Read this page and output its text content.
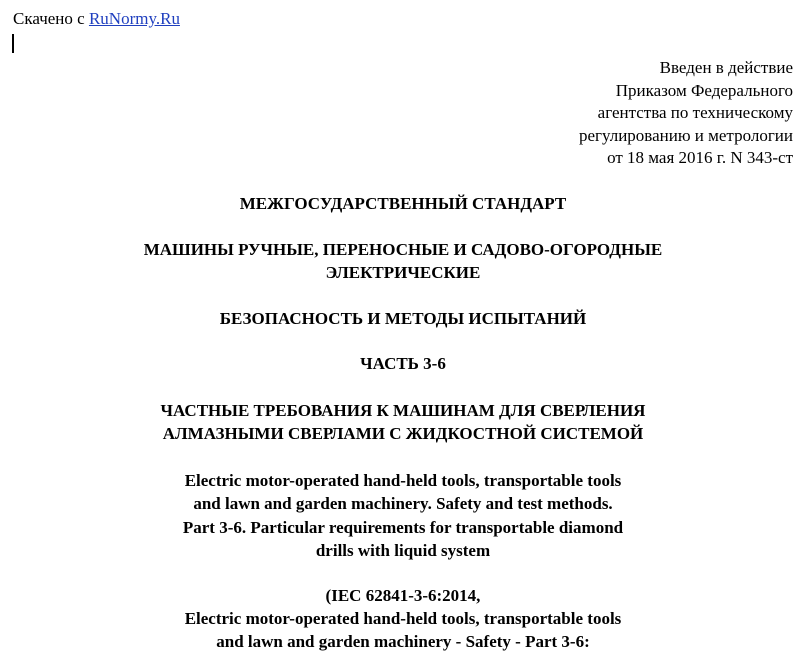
Скачено с RuNormy.Ru
Введен в действие
Приказом Федерального
агентства по техническому
регулированию и метрологии
от 18 мая 2016 г. N 343-ст
МЕЖГОСУДАРСТВЕННЫЙ СТАНДАРТ
МАШИНЫ РУЧНЫЕ, ПЕРЕНОСНЫЕ И САДОВО-ОГОРОДНЫЕ
ЭЛЕКТРИЧЕСКИЕ
БЕЗОПАСНОСТЬ И МЕТОДЫ ИСПЫТАНИЙ
ЧАСТЬ 3-6
ЧАСТНЫЕ ТРЕБОВАНИЯ К МАШИНАМ ДЛЯ СВЕРЛЕНИЯ
АЛМАЗНЫМИ СВЕРЛАМИ С ЖИДКОСТНОЙ СИСТЕМОЙ
Electric motor-operated hand-held tools, transportable tools
and lawn and garden machinery. Safety and test methods.
Part 3-6. Particular requirements for transportable diamond
drills with liquid system
(IEC 62841-3-6:2014,
Electric motor-operated hand-held tools, transportable tools
and lawn and garden machinery - Safety - Part 3-6:
